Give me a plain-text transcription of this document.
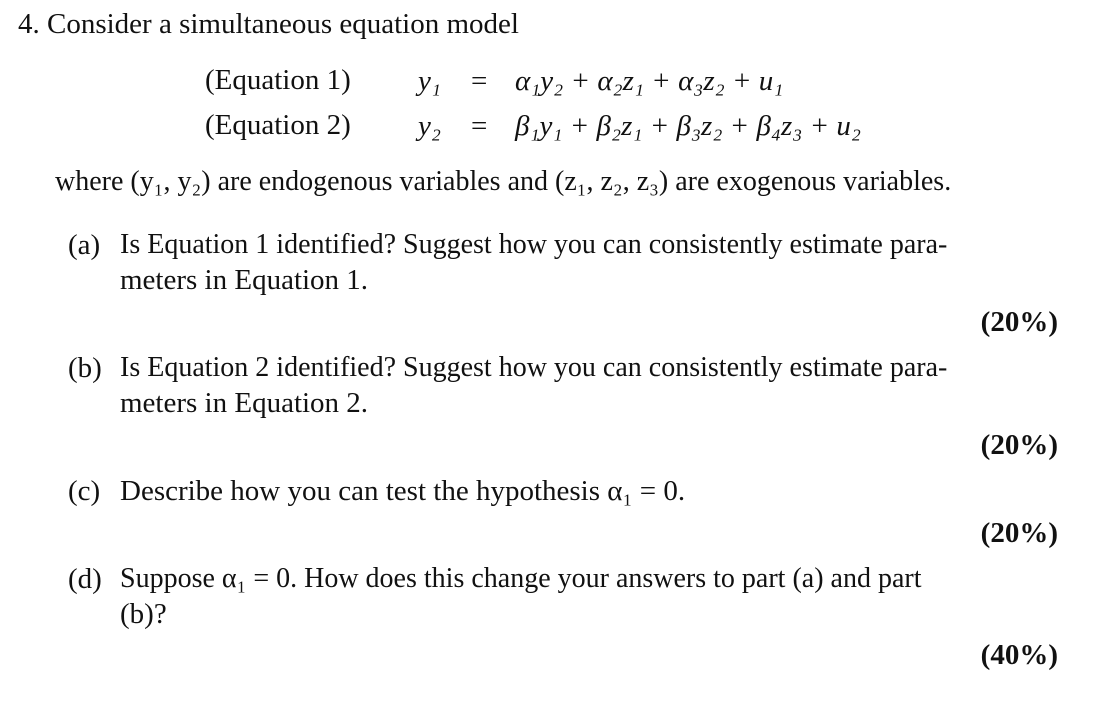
4. Consider a simultaneous equation model
(Equation 1) y₁ = α₁y₂ + α₂z₁ + α₃z₂ + u₁
(Equation 2) y₂ = β₁y₁ + β₂z₁ + β₃z₂ + β₄z₃ + u₂
where (y₁, y₂) are endogenous variables and (z₁, z₂, z₃) are exogenous variables.
(a) Is Equation 1 identified? Suggest how you can consistently estimate para-
meters in Equation 1.
(20%)
(b) Is Equation 2 identified? Suggest how you can consistently estimate para-
meters in Equation 2.
(20%)
(c) Describe how you can test the hypothesis α₁ = 0.
(20%)
(d) Suppose α₁ = 0. How does this change your answers to part (a) and part
(b)?
(40%)
